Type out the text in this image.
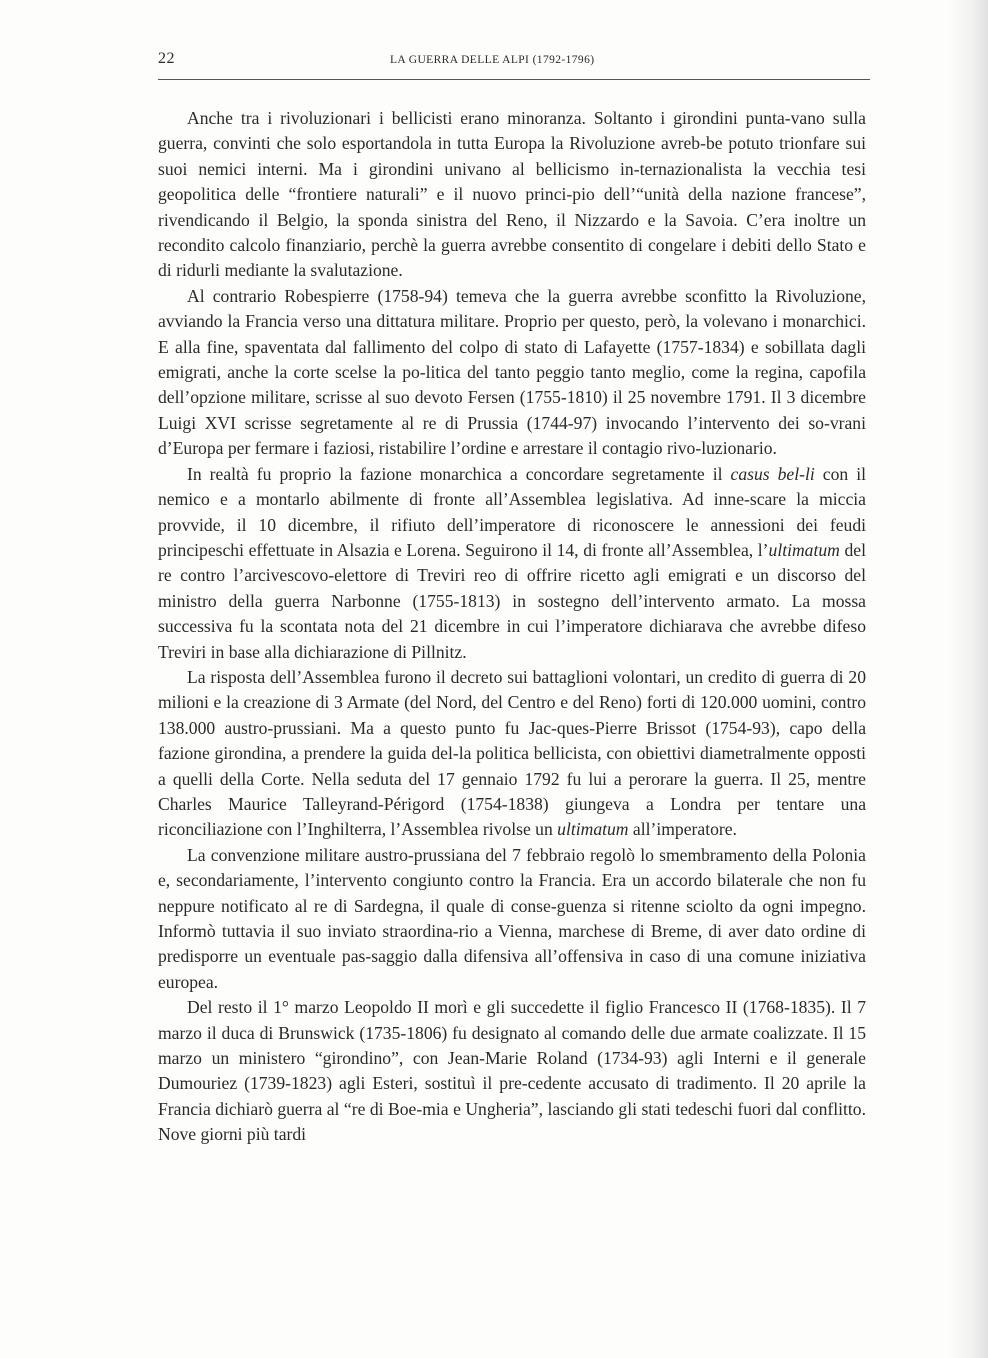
22	LA GUERRA DELLE ALPI (1792-1796)

Anche tra i rivoluzionari i bellicisti erano minoranza. Soltanto i girondini punta-vano sulla guerra, convinti che solo esportandola in tutta Europa la Rivoluzione avreb-be potuto trionfare sui suoi nemici interni. Ma i girondini univano al bellicismo in-ternazionalista la vecchia tesi geopolitica delle “frontiere naturali” e il nuovo princi-pio dell’“unità della nazione francese”, rivendicando il Belgio, la sponda sinistra del Reno, il Nizzardo e la Savoia. C’era inoltre un recondito calcolo finanziario, perchè la guerra avrebbe consentito di congelare i debiti dello Stato e di ridurli mediante la svalutazione.

Al contrario Robespierre (1758-94) temeva che la guerra avrebbe sconfitto la Rivoluzione, avviando la Francia verso una dittatura militare. Proprio per questo, però, la volevano i monarchici. E alla fine, spaventata dal fallimento del colpo di stato di Lafayette (1757-1834) e sobillata dagli emigrati, anche la corte scelse la po-litica del tanto peggio tanto meglio, come la regina, capofila dell’opzione militare, scrisse al suo devoto Fersen (1755-1810) il 25 novembre 1791. Il 3 dicembre Luigi XVI scrisse segretamente al re di Prussia (1744-97) invocando l’intervento dei so-vrani d’Europa per fermare i faziosi, ristabilire l’ordine e arrestare il contagio rivo-luzionario.

In realtà fu proprio la fazione monarchica a concordare segretamente il casus bel-li con il nemico e a montarlo abilmente di fronte all’Assemblea legislativa. Ad inne-scare la miccia provvide, il 10 dicembre, il rifiuto dell’imperatore di riconoscere le annessioni dei feudi principeschi effettuate in Alsazia e Lorena. Seguirono il 14, di fronte all’Assemblea, l’ultimatum del re contro l’arcivescovo-elettore di Treviri reo di offrire ricetto agli emigrati e un discorso del ministro della guerra Narbonne (1755-1813) in sostegno dell’intervento armato. La mossa successiva fu la scontata nota del 21 dicembre in cui l’imperatore dichiarava che avrebbe difeso Treviri in base alla dichiarazione di Pillnitz.

La risposta dell’Assemblea furono il decreto sui battaglioni volontari, un credito di guerra di 20 milioni e la creazione di 3 Armate (del Nord, del Centro e del Reno) forti di 120.000 uomini, contro 138.000 austro-prussiani. Ma a questo punto fu Jac-ques-Pierre Brissot (1754-93), capo della fazione girondina, a prendere la guida del-la politica bellicista, con obiettivi diametralmente opposti a quelli della Corte. Nella seduta del 17 gennaio 1792 fu lui a perorare la guerra. Il 25, mentre Charles Maurice Talleyrand-Périgord (1754-1838) giungeva a Londra per tentare una riconciliazione con l’Inghilterra, l’Assemblea rivolse un ultimatum all’imperatore.

La convenzione militare austro-prussiana del 7 febbraio regolò lo smembramento della Polonia e, secondariamente, l’intervento congiunto contro la Francia. Era un accordo bilaterale che non fu neppure notificato al re di Sardegna, il quale di conse-guenza si ritenne sciolto da ogni impegno. Informò tuttavia il suo inviato straordina-rio a Vienna, marchese di Breme, di aver dato ordine di predisporre un eventuale pas-saggio dalla difensiva all’offensiva in caso di una comune iniziativa europea.

Del resto il 1° marzo Leopoldo II morì e gli succedette il figlio Francesco II (1768-1835). Il 7 marzo il duca di Brunswick (1735-1806) fu designato al comando delle due armate coalizzate. Il 15 marzo un ministero “girondino”, con Jean-Marie Roland (1734-93) agli Interni e il generale Dumouriez (1739-1823) agli Esteri, sostituì il pre-cedente accusato di tradimento. Il 20 aprile la Francia dichiarò guerra al “re di Boe-mia e Ungheria”, lasciando gli stati tedeschi fuori dal conflitto. Nove giorni più tardi
